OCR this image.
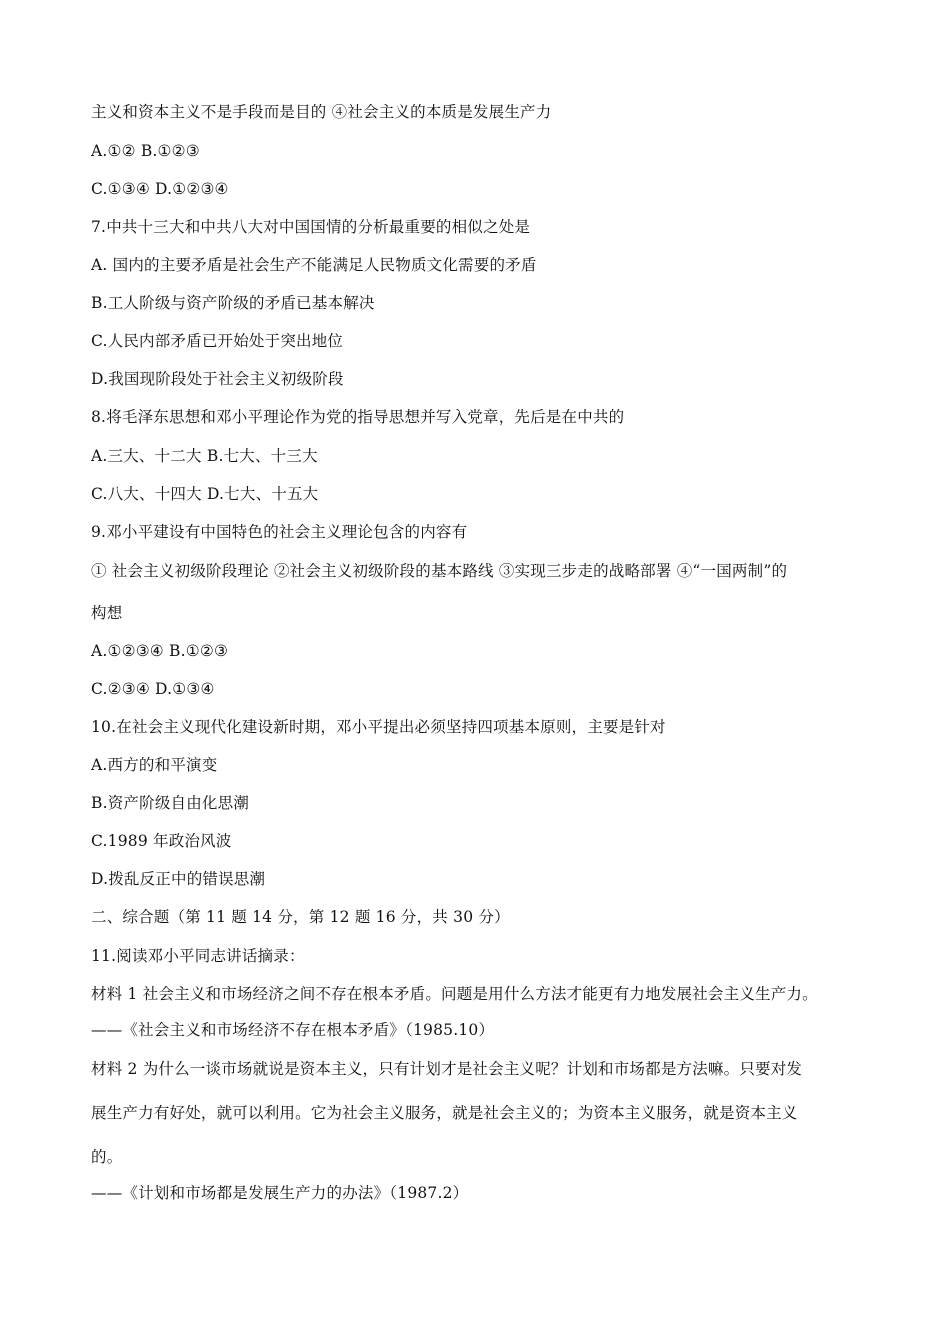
主义和资本主义不是手段而是目的 ④社会主义的本质是发展生产力
A.①② B.①②③
C.①③④ D.①②③④
7.中共十三大和中共八大对中国国情的分析最重要的相似之处是
A. 国内的主要矛盾是社会生产不能满足人民物质文化需要的矛盾
B.工人阶级与资产阶级的矛盾已基本解决
C.人民内部矛盾已开始处于突出地位
D.我国现阶段处于社会主义初级阶段
8.将毛泽东思想和邓小平理论作为党的指导思想并写入党章，先后是在中共的
A.三大、十二大 B.七大、十三大
C.八大、十四大 D.七大、十五大
9.邓小平建设有中国特色的社会主义理论包含的内容有
① 社会主义初级阶段理论 ②社会主义初级阶段的基本路线 ③实现三步走的战略部署 ④“一国两制”的
构想
A.①②③④ B.①②③
C.②③④ D.①③④
10.在社会主义现代化建设新时期，邓小平提出必须坚持四项基本原则，主要是针对
A.西方的和平演变
B.资产阶级自由化思潮
C.1989 年政治风波
D.拨乱反正中的错误思潮
二、综合题（第 11 题 14 分，第 12 题 16 分，共 30 分）
11.阅读邓小平同志讲话摘录：
材料 1 社会主义和市场经济之间不存在根本矛盾。问题是用什么方法才能更有力地发展社会主义生产力。
——《社会主义和市场经济不存在根本矛盾》（1985.10）
材料 2 为什么一谈市场就说是资本主义，只有计划才是社会主义呢？计划和市场都是方法嘛。只要对发
展生产力有好处，就可以利用。它为社会主义服务，就是社会主义的；为资本主义服务，就是资本主义
的。
——《计划和市场都是发展生产力的办法》（1987.2）
